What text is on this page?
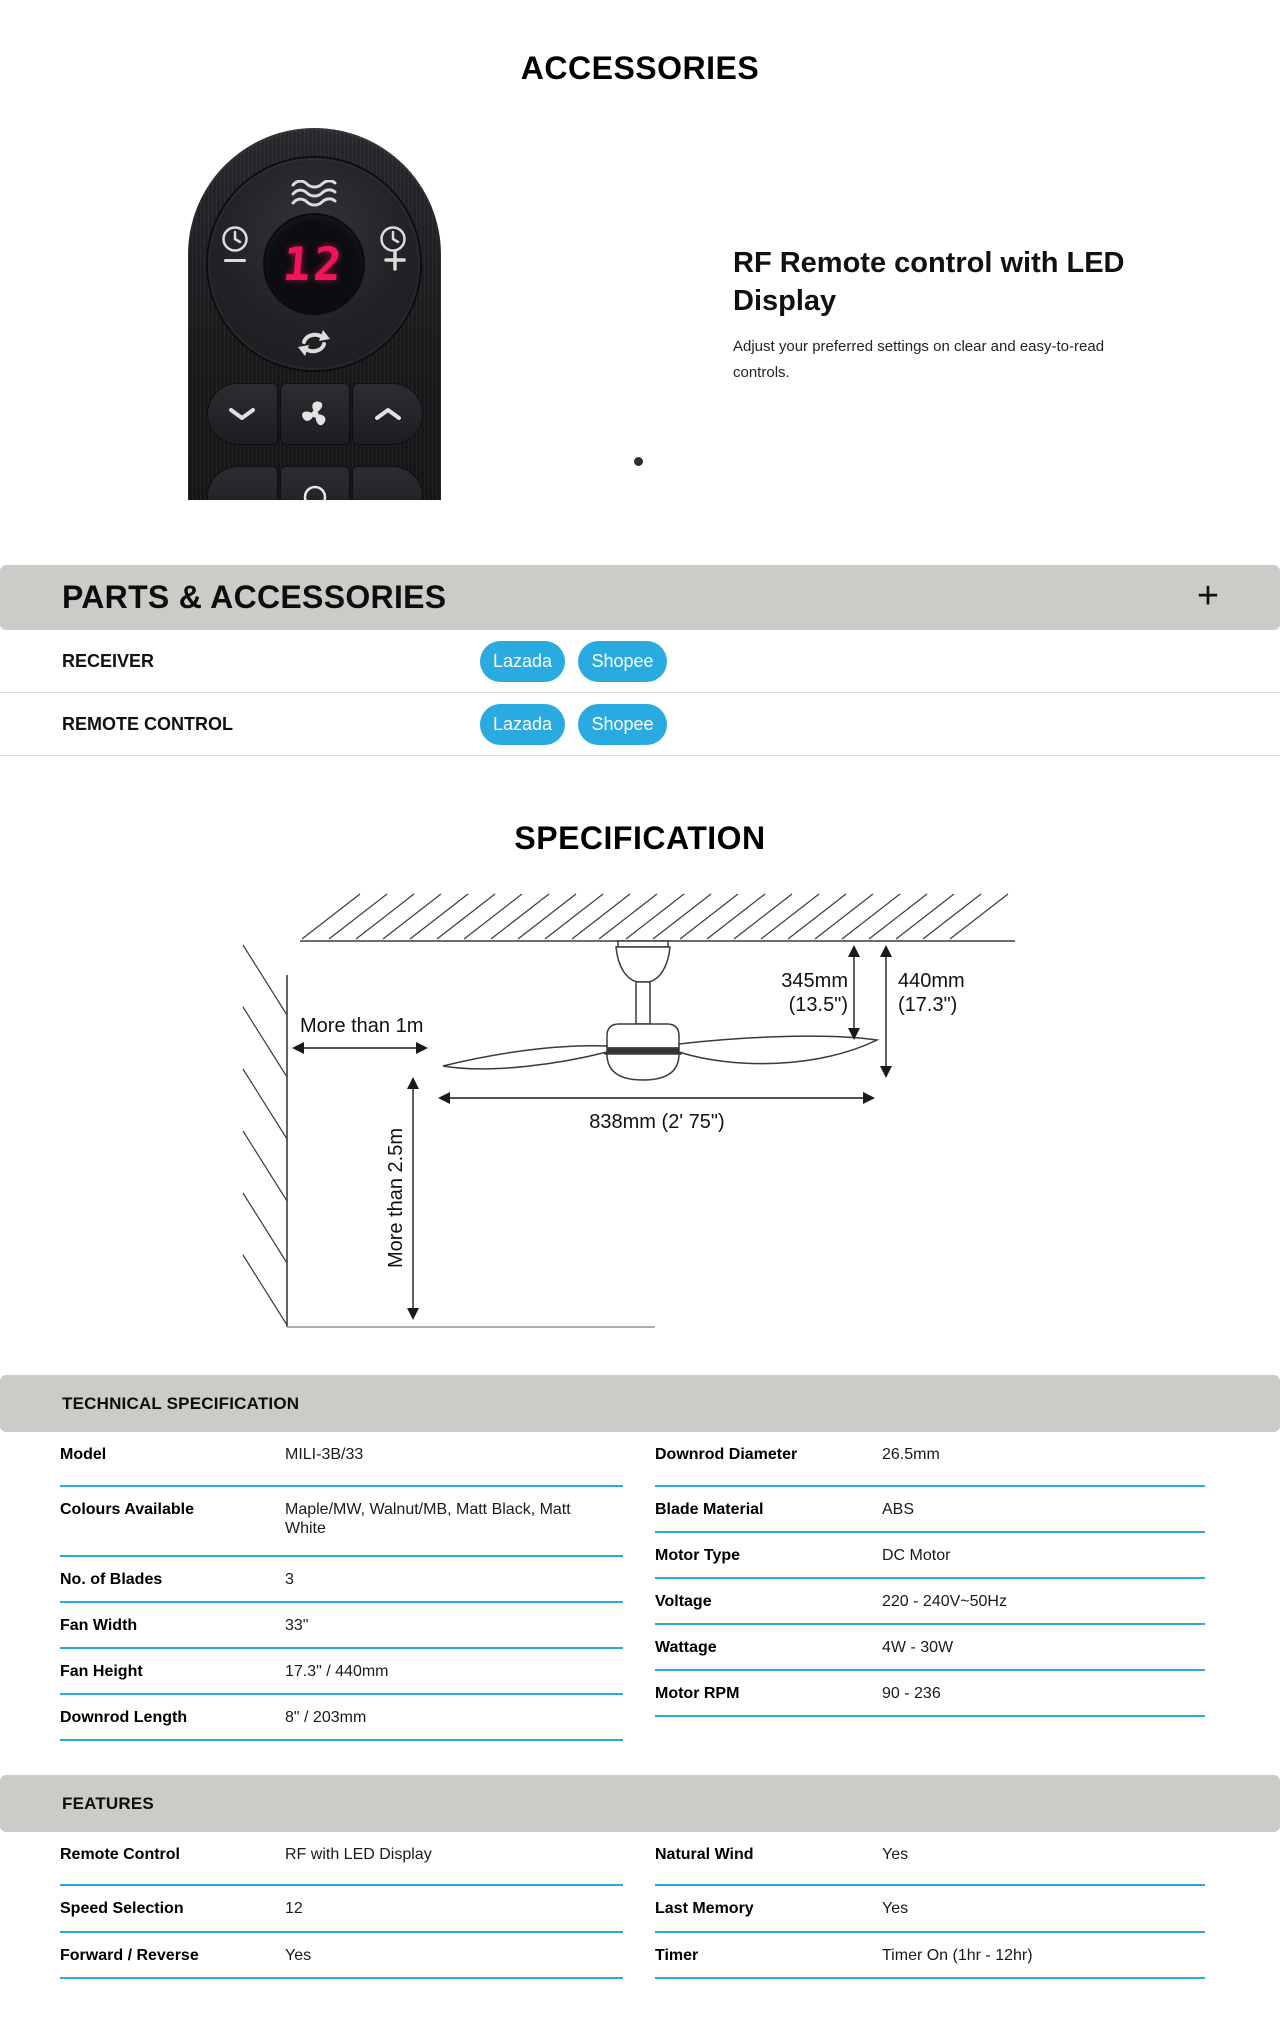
ACCESSORIES
12	RF Remote control with LED Display

Adjust your preferred settings on clear and easy-to-read controls.

PARTS & ACCESSORIES	+
RECEIVER	Lazada	Shopee
REMOTE CONTROL	Lazada	Shopee
SPECIFICATION
More than 1m
More than 2.5m
345mm
(13.5")
440mm
(17.3")
838mm (2' 75")
TECHNICAL SPECIFICATION
Model	MILI-3B/33
Colours Available	Maple/MW, Walnut/MB, Matt Black, Matt White
No. of Blades	3
Fan Width	33"
Fan Height	17.3" / 440mm
Downrod Length	8" / 203mm
Downrod Diameter	26.5mm
Blade Material	ABS
Motor Type	DC Motor
Voltage	220 - 240V~50Hz
Wattage	4W - 30W
Motor RPM	90 - 236
FEATURES
Remote Control	RF with LED Display
Speed Selection	12
Forward / Reverse	Yes
Natural Wind	Yes
Last Memory	Yes
Timer	Timer On (1hr - 12hr)
